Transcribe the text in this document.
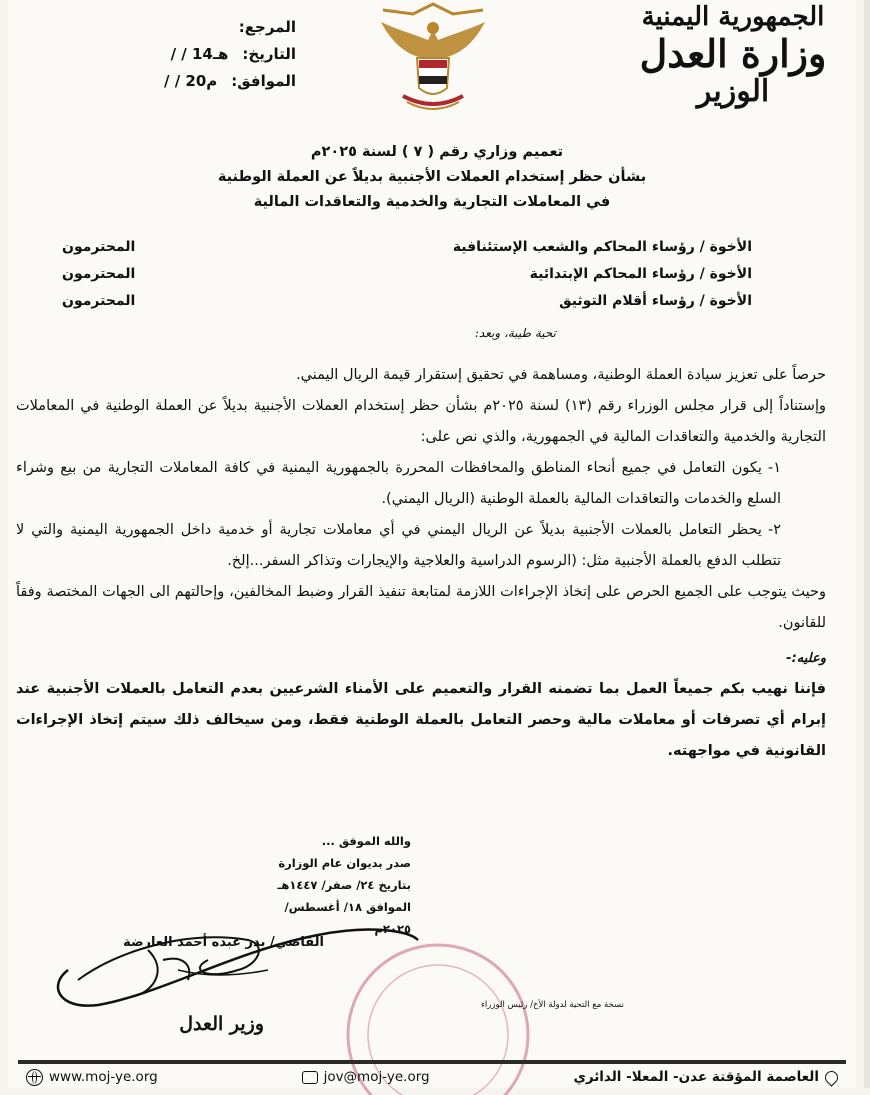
الجمهورية اليمنية
وزارة العدل
الوزير
المرجع:
التاريخ:
/ / 14هـ
الموافق:
/ / 20م
تعميم وزاري رقم ( ٧ ) لسنة ٢٠٢٥م
بشأن حظر إستخدام العملات الأجنبية بديلاً عن العملة الوطنية
في المعاملات التجارية والخدمية والتعاقدات المالية
الأخوة / رؤساء المحاكم والشعب الإستئنافية
المحترمون
الأخوة / رؤساء المحاكم الإبتدائية
المحترمون
الأخوة / رؤساء أقلام التوثيق
المحترمون
تحية طيبة، وبعد:

حرصاً على تعزيز سيادة العملة الوطنية، ومساهمة في تحقيق إستقرار قيمة الريال اليمني.

وإستناداً إلى قرار مجلس الوزراء رقم (١٣) لسنة ٢٠٢٥م بشأن حظر إستخدام العملات الأجنبية بديلاً عن العملة الوطنية في المعاملات التجارية والخدمية والتعاقدات المالية في الجمهورية، والذي نص على:

١-يكون التعامل في جميع أنحاء المناطق والمحافظات المحررة بالجمهورية اليمنية في كافة المعاملات التجارية من بيع وشراء السلع والخدمات والتعاقدات المالية بالعملة الوطنية (الريال اليمني).

٢-يحظر التعامل بالعملات الأجنبية بديلاً عن الريال اليمني في أي معاملات تجارية أو خدمية داخل الجمهورية اليمنية والتي لا تتطلب الدفع بالعملة الأجنبية مثل: (الرسوم الدراسية والعلاجية والإيجارات وتذاكر السفر...إلخ.

وحيث يتوجب على الجميع الحرص على إتخاذ الإجراءات اللازمة لمتابعة تنفيذ القرار وضبط المخالفين، وإحالتهم الى الجهات المختصة وفقاً للقانون.

وعليه:-

فإننا نهيب بكم جميعاً العمل بما تضمنه القرار والتعميم على الأمناء الشرعيين بعدم التعامل بالعملات الأجنبية عند إبرام أي تصرفات أو معاملات مالية وحصر التعامل بالعملة الوطنية فقط، ومن سيخالف ذلك سيتم إتخاذ الإجراءات القانونية في مواجهته.

والله الموفق ...
صدر بديوان عام الوزارة
بتاريخ ٢٤/ صفر/ ١٤٤٧هـ
الموافق ١٨/ أغسطس/ ٢٠٢٥م
القاضي/ بدر عبده أحمد العارضة
وزير العدل
نسخة مع التحية لدولة الأخ/ رئيس الوزراء
www.moj-ye.org	jov@moj-ye.org	العاصمة المؤقتة عدن- المعلا- الدائري
